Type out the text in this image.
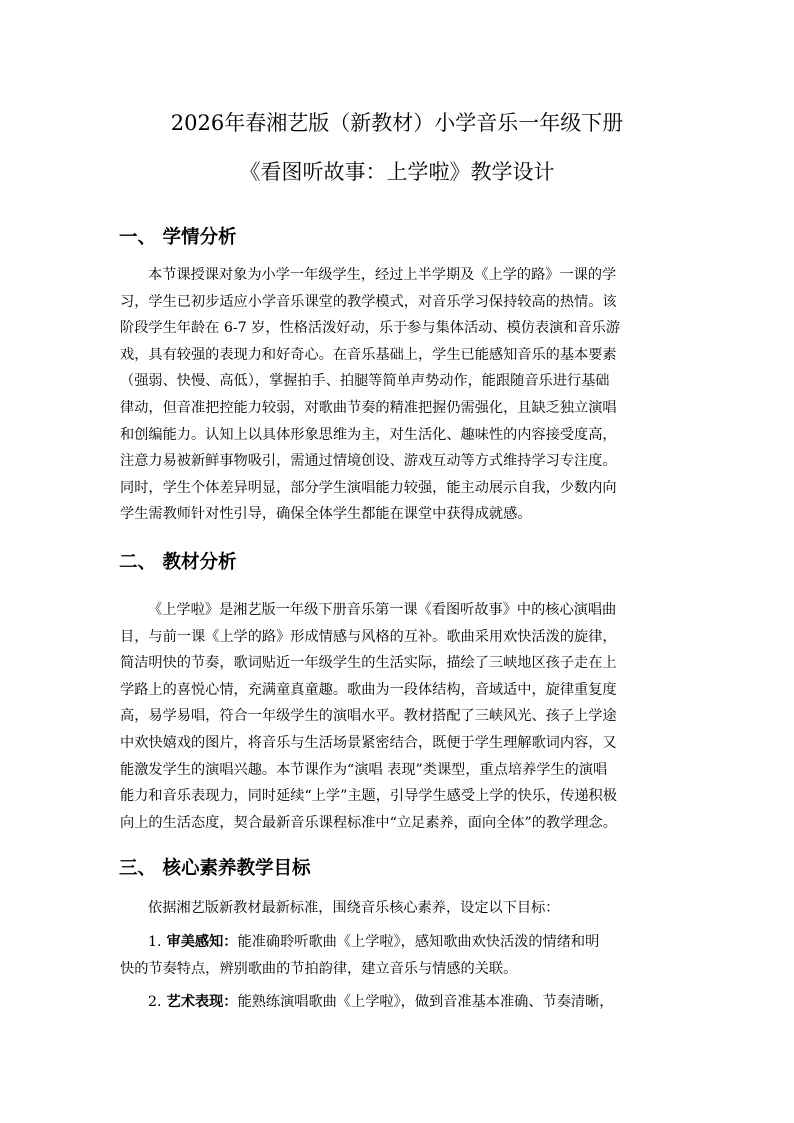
2026年春湘艺版（新教材）小学音乐一年级下册
《看图听故事：上学啦》教学设计
一、 学情分析
本节课授课对象为小学一年级学生，经过上半学期及《上学的路》一课的学
习，学生已初步适应小学音乐课堂的教学模式，对音乐学习保持较高的热情。该
阶段学生年龄在 6-7 岁，性格活泼好动，乐于参与集体活动、模仿表演和音乐游
戏，具有较强的表现力和好奇心。在音乐基础上，学生已能感知音乐的基本要素
（强弱、快慢、高低），掌握拍手、拍腿等简单声势动作，能跟随音乐进行基础
律动，但音准把控能力较弱，对歌曲节奏的精准把握仍需强化，且缺乏独立演唱
和创编能力。认知上以具体形象思维为主，对生活化、趣味性的内容接受度高，
注意力易被新鲜事物吸引，需通过情境创设、游戏互动等方式维持学习专注度。
同时，学生个体差异明显，部分学生演唱能力较强，能主动展示自我，少数内向
学生需教师针对性引导，确保全体学生都能在课堂中获得成就感。
二、 教材分析
《上学啦》是湘艺版一年级下册音乐第一课《看图听故事》中的核心演唱曲
目，与前一课《上学的路》形成情感与风格的互补。歌曲采用欢快活泼的旋律，
简洁明快的节奏，歌词贴近一年级学生的生活实际，描绘了三峡地区孩子走在上
学路上的喜悦心情，充满童真童趣。歌曲为一段体结构，音域适中，旋律重复度
高，易学易唱，符合一年级学生的演唱水平。教材搭配了三峡风光、孩子上学途
中欢快嬉戏的图片，将音乐与生活场景紧密结合，既便于学生理解歌词内容，又
能激发学生的演唱兴趣。本节课作为“演唱 表现”类课型，重点培养学生的演唱
能力和音乐表现力，同时延续“上学”主题，引导学生感受上学的快乐，传递积极
向上的生活态度，契合最新音乐课程标准中“立足素养，面向全体”的教学理念。
三、 核心素养教学目标
依据湘艺版新教材最新标准，围绕音乐核心素养，设定以下目标：
1. 审美感知：能准确聆听歌曲《上学啦》，感知歌曲欢快活泼的情绪和明
快的节奏特点，辨别歌曲的节拍韵律，建立音乐与情感的关联。
2. 艺术表现：能熟练演唱歌曲《上学啦》，做到音准基本准确、节奏清晰，
